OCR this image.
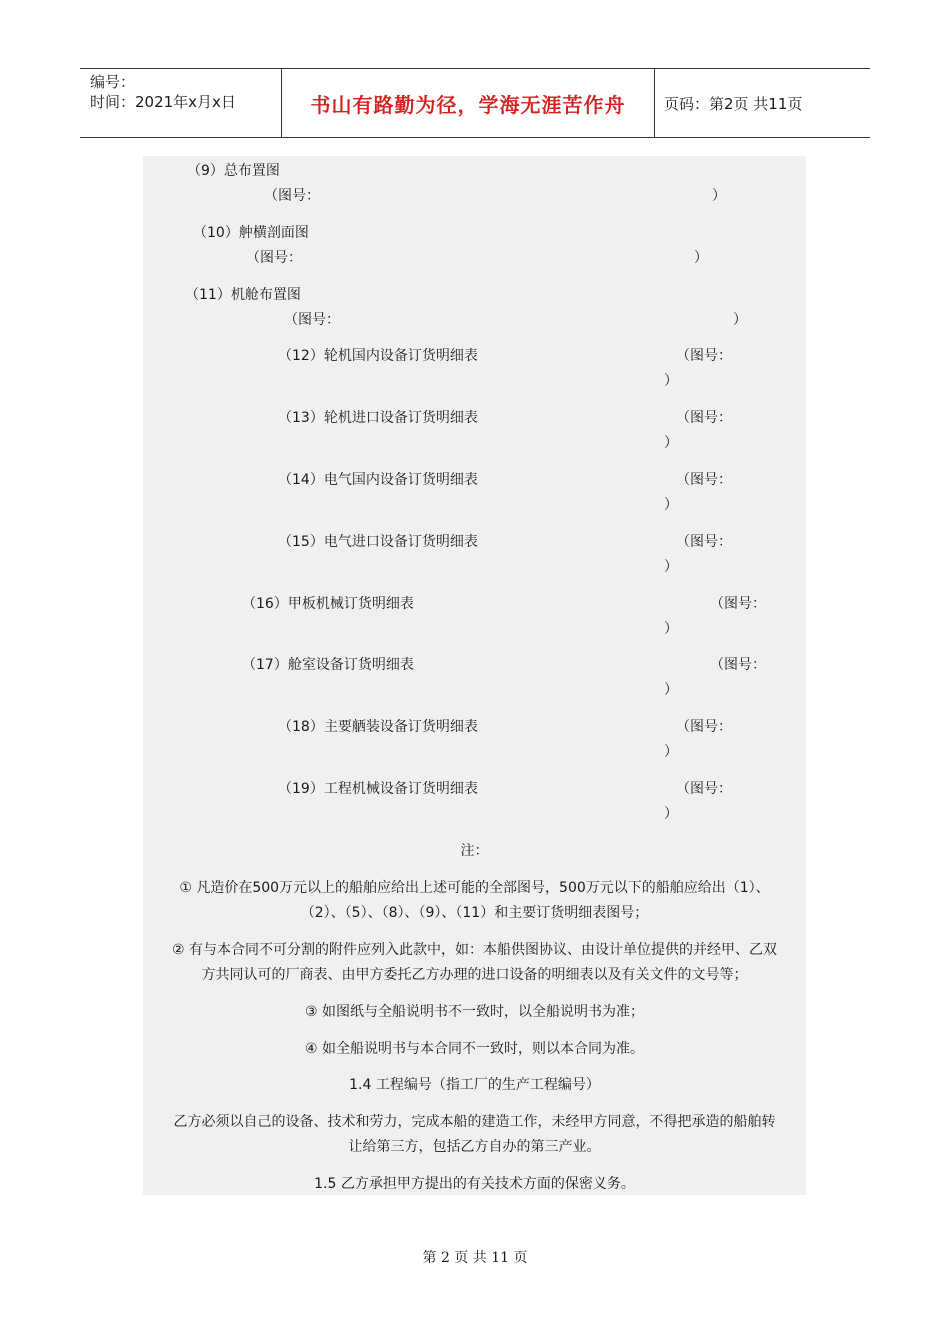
编号：
时间：2021年x月x日	书山有路勤为径，学海无涯苦作舟	页码：第2页 共11页
（9）总布置图
（图号：	）
（10）舯横剖面图
（图号：	）
（11）机舱布置图
（图号：	）
（12）轮机国内设备订货明细表	（图号：
）
（13）轮机进口设备订货明细表	（图号：
）
（14）电气国内设备订货明细表	（图号：
）
（15）电气进口设备订货明细表	（图号：
）
（16）甲板机械订货明细表	（图号：
）
（17）舱室设备订货明细表	（图号：
）
（18）主要舾装设备订货明细表	（图号：
）
（19）工程机械设备订货明细表	（图号：
）
注：
① 凡造价在500万元以上的船舶应给出上述可能的全部图号，500万元以下的船舶应给出（1）、
（2）、（5）、（8）、（9）、（11）和主要订货明细表图号；
② 有与本合同不可分割的附件应列入此款中，如：本船供图协议、由设计单位提供的并经甲、乙双
方共同认可的厂商表、由甲方委托乙方办理的进口设备的明细表以及有关文件的文号等；
③ 如图纸与全船说明书不一致时，以全船说明书为准；
④ 如全船说明书与本合同不一致时，则以本合同为准。
1.4 工程编号（指工厂的生产工程编号）
乙方必须以自己的设备、技术和劳力，完成本船的建造工作，未经甲方同意，不得把承造的船舶转
让给第三方，包括乙方自办的第三产业。
1.5 乙方承担甲方提出的有关技术方面的保密义务。
第 2 页 共 11 页
